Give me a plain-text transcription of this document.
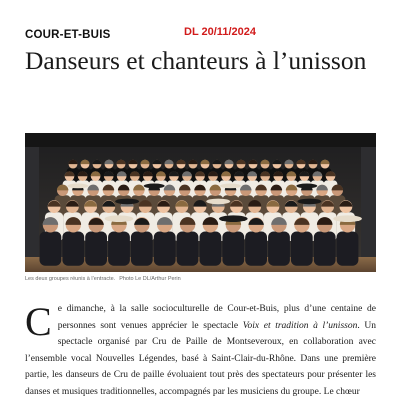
COUR-ET-BUIS	DL 20/11/2024
Danseurs et chanteurs à l’unisson
Les deux groupes réunis à l’entracte. Photo Le DL/Arthur Perin

Ce dimanche, à la salle socioculturelle de Cour-et-Buis, plus d’une centaine de personnes sont venues apprécier le spectacle Voix et tradition à l’unisson. Un spectacle organisé par Cru de Paille de Montseveroux, en collaboration avec l’ensemble vocal Nouvelles Légendes, basé à Saint-Clair-du-Rhône. Dans une première partie, les danseurs de Cru de paille évoluaient tout près des spectateurs pour présenter les danses et musiques traditionnelles, accompagnés par les musiciens du groupe. Le chœur
